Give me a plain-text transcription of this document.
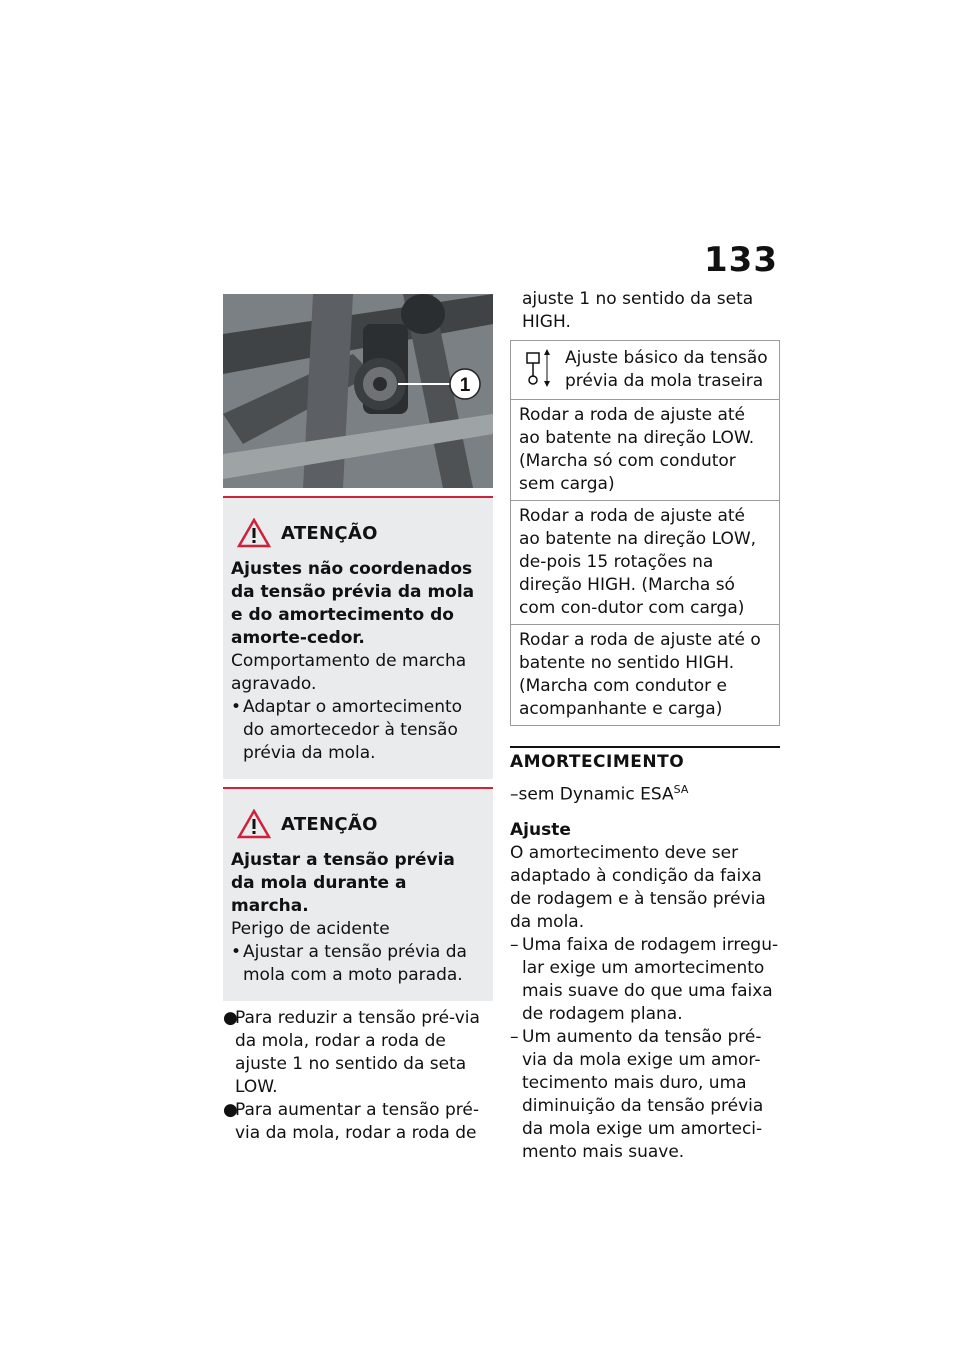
133
1
ATENÇÃO
Ajustes não coordenados da tensão prévia da mola e do amortecimento do amorte-cedor.
Comportamento de marcha agravado.
• Adaptar o amortecimento do amortecedor à tensão prévia da mola.
ATENÇÃO
Ajustar a tensão prévia da mola durante a marcha.
Perigo de acidente
• Ajustar a tensão prévia da mola com a moto parada.
●
Para reduzir a tensão pré-via da mola, rodar a roda de ajuste 1 no sentido da seta LOW.
●
Para aumentar a tensão pré-via da mola, rodar a roda de
ajuste 1 no sentido da seta HIGH.
Ajuste básico da tensão prévia da mola traseira
Rodar a roda de ajuste até ao batente na direção LOW. (Marcha só com condutor sem carga)
Rodar a roda de ajuste até ao batente na direção LOW, de-pois 15 rotações na direção HIGH. (Marcha só com con-dutor com carga)
Rodar a roda de ajuste até o batente no sentido HIGH. (Marcha com condutor e acompanhante e carga)
AMORTECIMENTO
–sem Dynamic $ESA^{SA}$
Ajuste
O amortecimento deve ser adaptado à condição da faixa de rodagem e à tensão prévia da mola.
– Uma faixa de rodagem irregu-lar exige um amortecimento mais suave do que uma faixa de rodagem plana.
– Um aumento da tensão pré-via da mola exige um amor-tecimento mais duro, uma diminuição da tensão prévia da mola exige um amorteci-mento mais suave.
